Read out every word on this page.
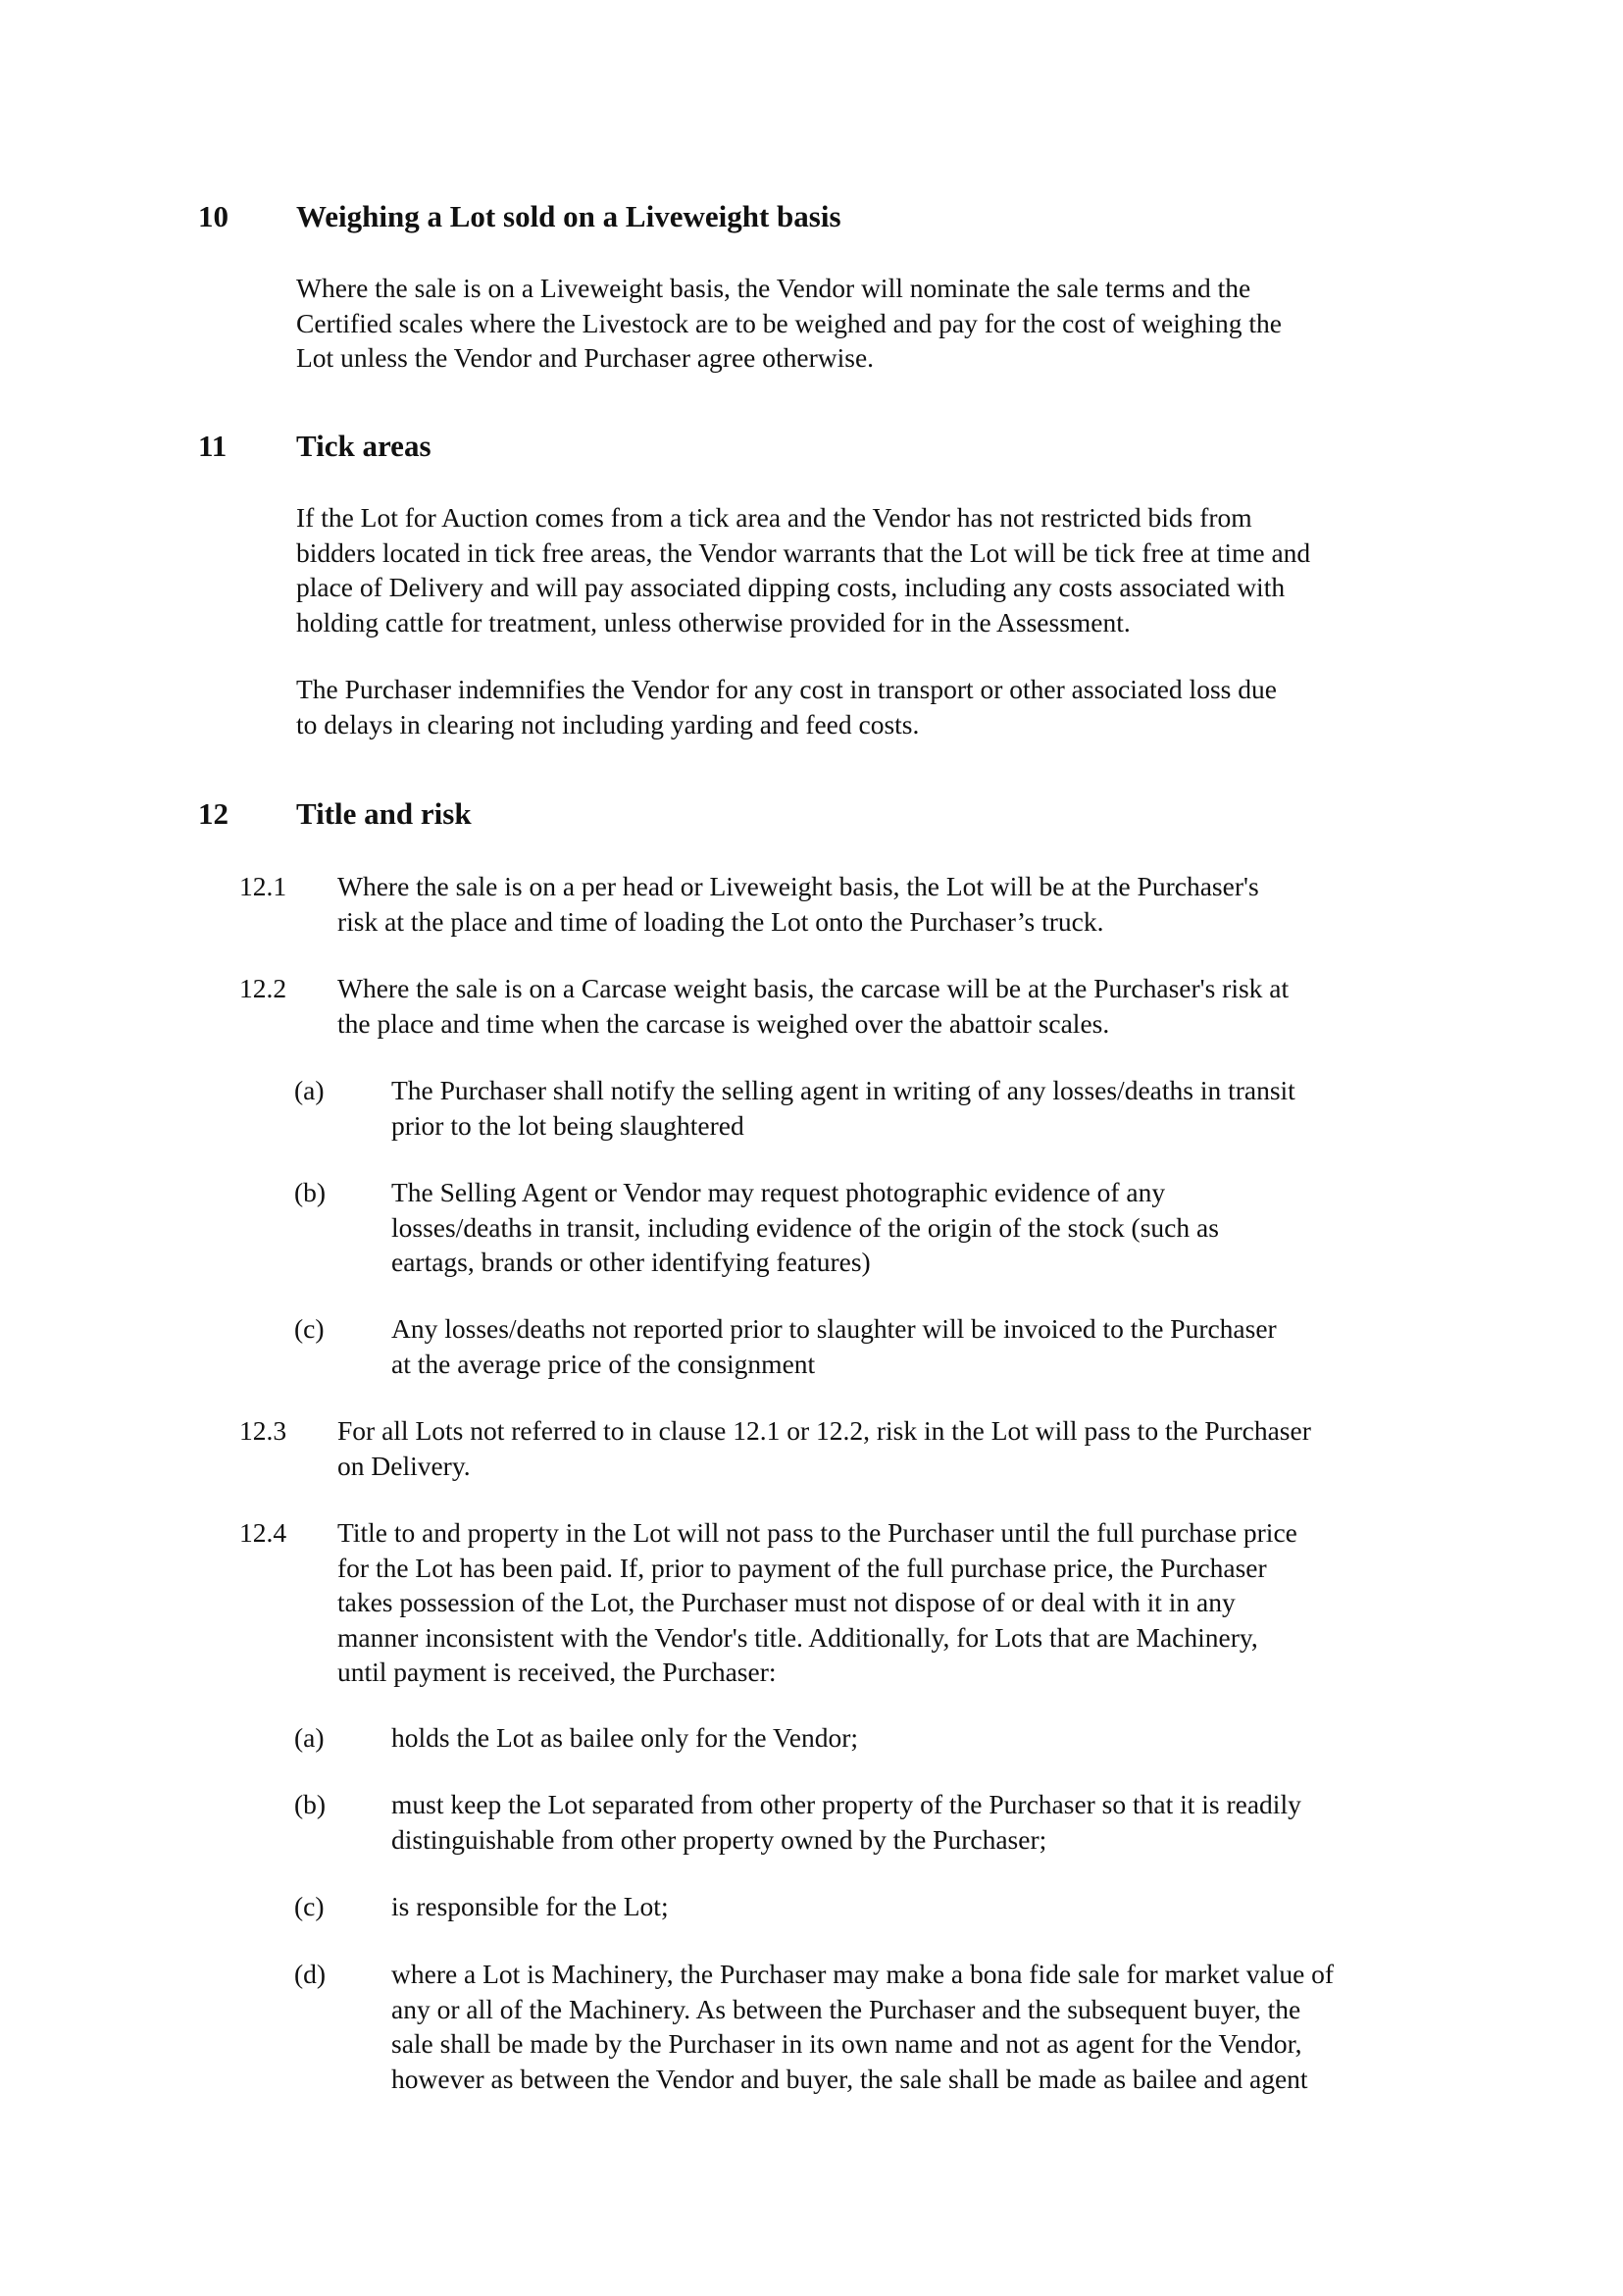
10 Weighing a Lot sold on a Liveweight basis
Where the sale is on a Liveweight basis, the Vendor will nominate the sale terms and the
Certified scales where the Livestock are to be weighed and pay for the cost of weighing the
Lot unless the Vendor and Purchaser agree otherwise.
11 Tick areas
If the Lot for Auction comes from a tick area and the Vendor has not restricted bids from
bidders located in tick free areas, the Vendor warrants that the Lot will be tick free at time and
place of Delivery and will pay associated dipping costs, including any costs associated with
holding cattle for treatment, unless otherwise provided for in the Assessment.
The Purchaser indemnifies the Vendor for any cost in transport or other associated loss due
to delays in clearing not including yarding and feed costs.
12 Title and risk
12.1 Where the sale is on a per head or Liveweight basis, the Lot will be at the Purchaser's
risk at the place and time of loading the Lot onto the Purchaser’s truck.
12.2 Where the sale is on a Carcase weight basis, the carcase will be at the Purchaser's risk at
the place and time when the carcase is weighed over the abattoir scales.
(a) The Purchaser shall notify the selling agent in writing of any losses/deaths in transit
prior to the lot being slaughtered
(b) The Selling Agent or Vendor may request photographic evidence of any
losses/deaths in transit, including evidence of the origin of the stock (such as
eartags, brands or other identifying features)
(c) Any losses/deaths not reported prior to slaughter will be invoiced to the Purchaser
at the average price of the consignment
12.3 For all Lots not referred to in clause 12.1 or 12.2, risk in the Lot will pass to the Purchaser
on Delivery.
12.4 Title to and property in the Lot will not pass to the Purchaser until the full purchase price
for the Lot has been paid. If, prior to payment of the full purchase price, the Purchaser
takes possession of the Lot, the Purchaser must not dispose of or deal with it in any
manner inconsistent with the Vendor's title. Additionally, for Lots that are Machinery,
until payment is received, the Purchaser:
(a) holds the Lot as bailee only for the Vendor;
(b) must keep the Lot separated from other property of the Purchaser so that it is readily
distinguishable from other property owned by the Purchaser;
(c) is responsible for the Lot;
(d) where a Lot is Machinery, the Purchaser may make a bona fide sale for market value of
any or all of the Machinery. As between the Purchaser and the subsequent buyer, the
sale shall be made by the Purchaser in its own name and not as agent for the Vendor,
however as between the Vendor and buyer, the sale shall be made as bailee and agent
